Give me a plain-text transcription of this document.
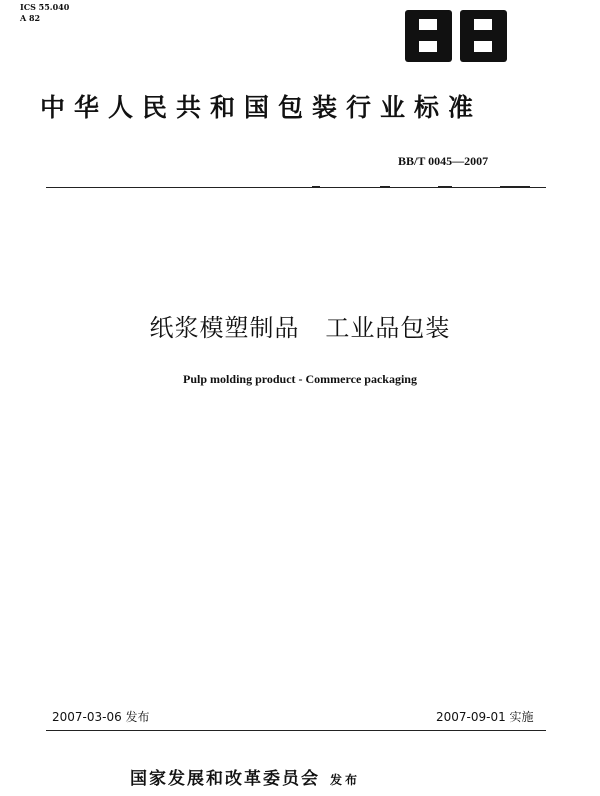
ICS 55.040
A 82
中华人民共和国包装行业标准
BB/T 0045—2007
纸浆模塑制品   工业品包装
Pulp molding product - Commerce packaging
2007-03-06 发布	2007-09-01 实施
国家发展和改革委员会 发布
